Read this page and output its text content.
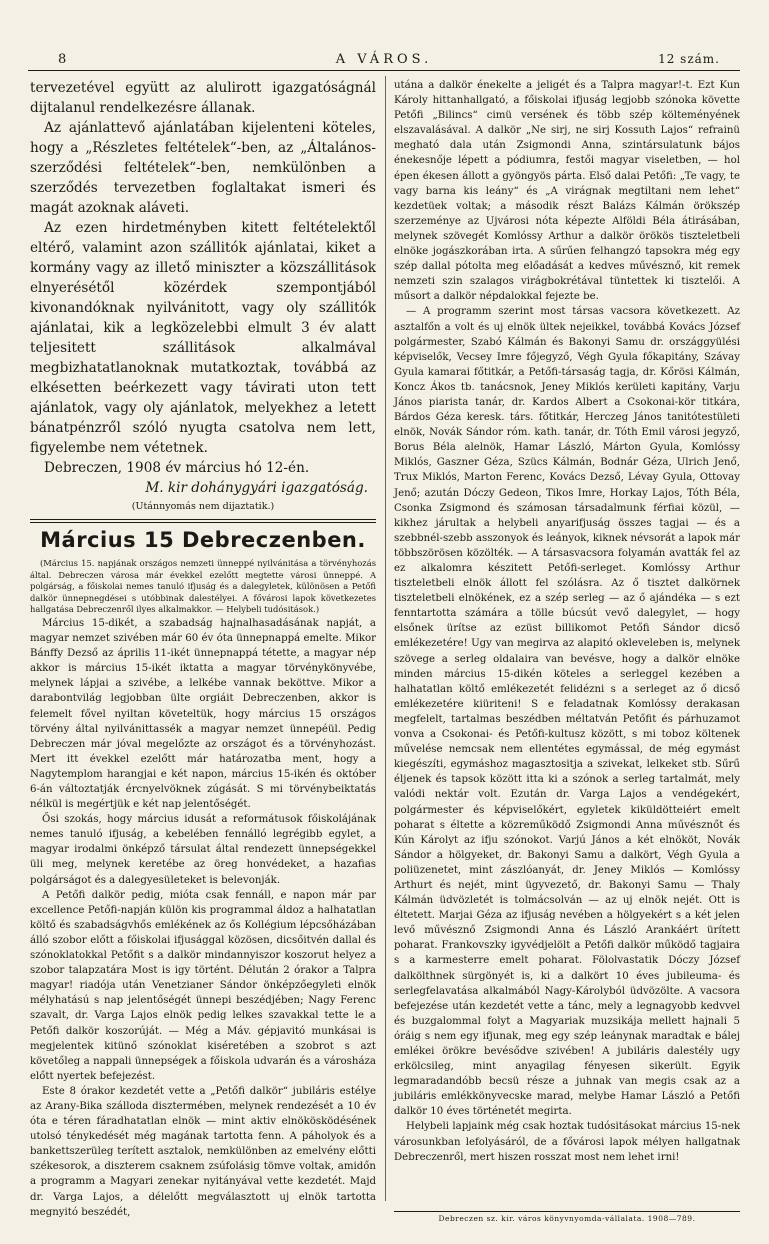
8	A VÁROS.	12 szám.

tervezetével együtt az alulirott igazgatóságnál dijtalanul rendelkezésre állanak.

Az ajánlattevő ajánlatában kijelenteni köteles, hogy a „Részletes feltételek“-ben, az „Általános-szerződési feltételek“-ben, nemkülönben a szerződés tervezetben foglaltakat ismeri és magát azoknak aláveti.

Az ezen hirdetményben kitett feltételektől eltérő, valamint azon szállitók ajánlatai, kiket a kormány vagy az illető miniszter a közszállitások elnyerésétől közérdek szempontjából kivonandóknak nyilvánitott, vagy oly szállitók ajánlatai, kik a legközelebbi elmult 3 év alatt teljesitett szállitások alkalmával megbizhatatlanoknak mutatkoztak, továbbá az elkésetten beérkezett vagy távirati uton tett ajánlatok, vagy oly ajánlatok, melyekhez a letett bánatpénzről szóló nyugta csatolva nem lett, figyelembe nem vétetnek.

Debreczen, 1908 év március hó 12-én.

M. kir dohánygyári igazgatóság.

(Utánnyomás nem dijaztatik.)

Március 15 Debreczenben.

(Március 15. napjának országos nemzeti ünneppé nyilvánitása a törvényhozás által. Debreczen városa már évekkel ezelőtt megtette városi ünneppé. A polgárság, a főiskolai nemes tanuló ifjuság és a dalegyletek, különösen a Petőfi dalkör ünnepnegdései s utóbbinak dalestélyei. A fővárosi lapok következetes hallgatása Debreczenről ilyes alkalmakkor. — Helybeli tudósitások.)

Március 15-dikét, a szabadság hajnalhasadásának napját, a magyar nemzet szivében már 60 év óta ünnepnappá emelte. Mikor Bánffy Dezső az április 11-ikét ünnepnappá tétette, a magyar nép akkor is március 15-ikét iktatta a magyar törvénykönyvébe, melynek lápjai a szivébe, a lelkébe vannak beköttve. Mikor a darabontvilág legjobban ülte orgiáit Debreczenben, akkor is felemelt fővel nyiltan követeltük, hogy március 15 országos törvény által nyilvánittassék a magyar nemzet ünnepéül. Pedig Debreczen már jóval megelőzte az országot és a törvényhozást. Mert itt évekkel ezelőtt már határozatba ment, hogy a Nagytemplom harangjai e két napon, március 15-ikén és október 6-án változtatják ércnyelvöknek zúgását. S mi törvénybeiktatás nélkül is megértjük e két nap jelentőségét.

Ősi szokás, hogy március idusát a reformátusok főiskolájának nemes tanuló ifjuság, a kebelében fennálló legrégibb egylet, a magyar irodalmi önképző társulat által rendezett ünnepségekkel üli meg, melynek keretébe az öreg honvédeket, a hazafias polgárságot és a dalegyesületeket is belevonják.

A Petőfi dalkör pedig, mióta csak fennáll, e napon már par excellence Petőfi-napján külön kis programmal áldoz a halhatatlan költő és szabadságvhős emlékének az ős Kollégium lépcsőházában álló szobor előtt a főiskolai ifjusággal közösen, dicsőitvén dallal és szónoklatokkal Petőfit s a dalkör mindannyiszor koszorut helyez a szobor talapzatára Most is igy történt. Délután 2 órakor a Talpra magyar! riadója után Venetzianer Sándor önképzőegyleti elnök mélyhatású s nap jelentőségét ünnepi beszédjében; Nagy Ferenc szavalt, dr. Varga Lajos elnök pedig lelkes szavakkal tette le a Petőfi dalkör koszorúját. — Még a Máv. gépjavitó munkásai is megjelentek kitünő szónoklat kiséretében a szobrot s azt követőleg a nappali ünnepségek a főiskola udvarán és a városháza előtt nyertek befejezést.

Este 8 órakor kezdetét vette a „Petőfi dalkör“ jubiláris estélye az Arany-Bika szálloda disztermében, melynek rendezését a 10 év óta e téren fáradhatatlan elnök — mint aktiv elnökösködésének utolsó ténykedését még magának tartotta fenn. A páholyok és a bankettszerüleg terített asztalok, nemkülönben az emelvény előtti székesorok, a diszterem csaknem zsúfolásig tömve voltak, amidőn a programm a Magyari zenekar nyitányával vette kezdetét. Majd dr. Varga Lajos, a délelőtt megválasztott uj elnök tartotta megnyitó beszédét,

utána a dalkör énekelte a jeligét és a Talpra magyar!-t. Ezt Kun Károly hittanhallgató, a főiskolai ifjuság legjobb szónoka követte Petőfi „Bilincs“ cimü versének és több szép költeményének elszavalásával. A dalkör „Ne sirj, ne sirj Kossuth Lajos“ refrainü megható dala után Zsigmondi Anna, szintársulatunk bájos énekesnője lépett a pódiumra, festői magyar viseletben, — hol épen ékesen állott a gyöngyös párta. Első dalai Petőfi: „Te vagy, te vagy barna kis leány“ és „A virágnak megtiltani nem lehet“ kezdetüek voltak; a második részt Balázs Kálmán örökszép szerzeménye az Ujvárosi nóta képezte Alföldi Béla átirásában, melynek szövegét Komlóssy Arthur a dalkör örökös tiszteletbeli elnöke jogászkorában irta. A sűrűen felhangzó tapsokra még egy szép dallal pótolta meg előadását a kedves művésznő, kit remek nemzeti szin szalagos virágbokrétával tüntettek ki tisztelői. A műsort a dalkör népdalokkal fejezte be.

— A programm szerint most társas vacsora következett. Az asztalfőn a volt és uj elnök ültek nejeikkel, továbbá Kovács József polgármester, Szabó Kálmán és Bakonyi Samu dr. országgyülési képviselők, Vecsey Imre főjegyző, Végh Gyula főkapitány, Szávay Gyula kamarai főtitkár, a Petőfi-társaság tagja, dr. Kőrösi Kálmán, Koncz Ákos tb. tanácsnok, Jeney Miklós kerületi kapitány, Varju János piarista tanár, dr. Kardos Albert a Csokonai-kör titkára, Bárdos Géza keresk. társ. főtitkár, Herczeg János tanitótestületi elnök, Novák Sándor róm. kath. tanár, dr. Tóth Emil városi jegyző, Borus Béla alelnök, Hamar László, Márton Gyula, Komlóssy Miklós, Gaszner Géza, Szücs Kálmán, Bodnár Géza, Ulrich Jenő, Trux Miklós, Marton Ferenc, Kovács Dezső, Lévay Gyula, Ottovay Jenő; azután Dóczy Gedeon, Tikos Imre, Horkay Lajos, Tóth Béla, Csonka Zsigmond és számosan társadalmunk férfiai közül, — kikhez járultak a helybeli anyarifjuság összes tagjai — és a szebbnél-szebb asszonyok és leányok, kiknek névsorát a lapok már többszörösen közölték. — A társasvacsora folyamán avatták fel az ez alkalomra készitett Petőfi-serleget. Komlóssy Arthur tiszteletbeli elnök állott fel szólásra. Az ő tisztet dalkörnek tiszteletbeli elnökének, ez a szép serleg — az ő ajándéka — s ezt fenntartotta számára a tölle búcsút vevő dalegylet, — hogy elsőnek ürítse az ezüst billikomot Petőfi Sándor dicső emlékezetére! Ugy van megirva az alapitó okleveleben is, melynek szövege a serleg oldalaira van bevésve, hogy a dalkör elnöke minden március 15-dikén köteles a serleggel kezében a halhatatlan költő emlékezetét felidézni s a serleget az ő dicső emlékezetére kiüriteni! S e feladatnak Komlóssy derakasan megfelelt, tartalmas beszédben méltatván Petőfit és párhuzamot vonva a Csokonai- és Petőfi-kultusz között, s mi toboz költenek művelése nemcsak nem ellentétes egymással, de még egymást kiegészíti, egymáshoz magasztositja a szivekat, lelkeket stb. Sűrű éljenek és tapsok között itta ki a szónok a serleg tartalmát, mely valódi nektár volt. Ezután dr. Varga Lajos a vendégekért, polgármester és képviselőkért, egyletek kiküldötteiért emelt poharat s éltette a közreműködő Zsigmondi Anna művésznőt és Kún Károlyt az ifju szónokot. Varjú János a két elnököt, Novák Sándor a hölgyeket, dr. Bakonyi Samu a dalkört, Végh Gyula a poliüzenetet, mint zászlóanyát, dr. Jeney Miklós — Komlóssy Arthurt és nejét, mint ügyvezető, dr. Bakonyi Samu — Thaly Kálmán üdvözletét is tolmácsolván — az uj elnök nejét. Ott is éltetett. Marjai Géza az ifjuság nevében a hölgyekért s a két jelen levő művésznő Zsigmondi Anna és László Arankáért ürített poharat. Frankovszky igyvédjelölt a Petőfi dalkör működő tagjaira s a karmesterre emelt poharat. Fölolvastatik Dóczy József dalkölthnek sürgönyét is, ki a dalkört 10 éves jubileuma- és serlegfelavatása alkalmából Nagy-Károlyból üdvözölte. A vacsora befejezése után kezdetét vette a tánc, mely a legnagyobb kedvvel és buzgalommal folyt a Magyariak muzsikája mellett hajnali 5 óráig s nem egy ifjunak, meg egy szép leánynak maradtak e bálej emlékei örökre bevésődve szivében! A jubiláris dalestély ugy erkölcsileg, mint anyagilag fényesen sikerült. Egyik legmaradandóbb becsü része a juhnak van megis csak az a jubiláris emlékkönyvecske marad, melybe Hamar László a Petőfi dalkör 10 éves történetét megirta.

Helybeli lapjaink még csak hoztak tudósitásokat március 15-nek városunkban lefolyásáról, de a fővárosi lapok mélyen hallgatnak Debreczenről, mert hiszen rosszat most nem lehet irni!

Debreczen sz. kir. város könyvnyomda-vállalata. 1908—789.
